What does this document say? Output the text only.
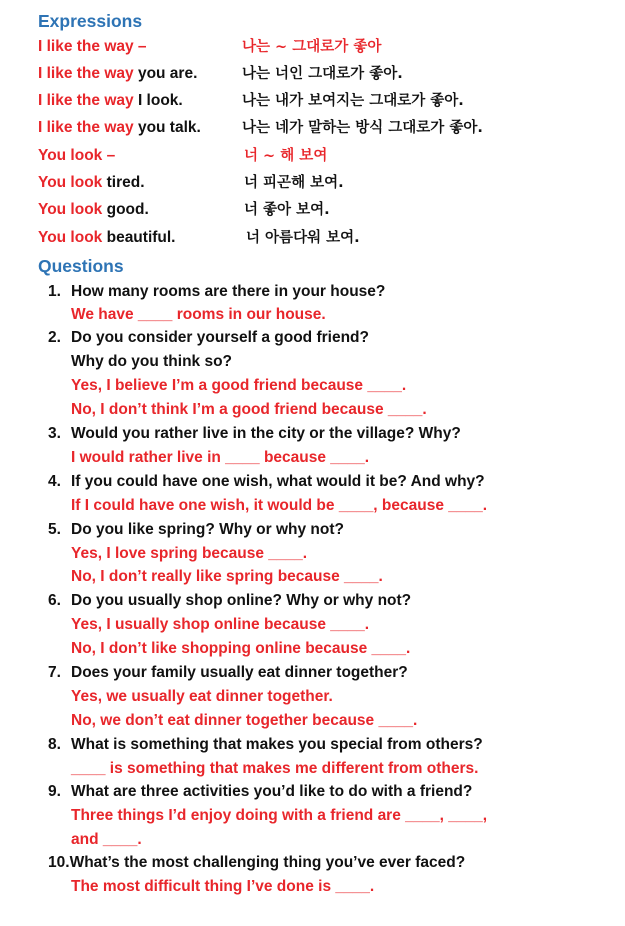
Expressions
I like the way –	나는 ~ 그대로가 좋아
I like the way you are.	나는 너인 그대로가 좋아.
I like the way I look.	나는 내가 보여지는 그대로가 좋아.
I like the way you talk.	나는 네가 말하는 방식 그대로가 좋아.
You look –	너 ~ 해 보여
You look tired.	너 피곤해 보여.
You look good.	너 좋아 보여.
You look beautiful.	너 아름다워 보여.
Questions
1. How many rooms are there in your house?
We have ____ rooms in our house.
2. Do you consider yourself a good friend?
Why do you think so?
Yes, I believe I’m a good friend because ____.
No, I don’t think I’m a good friend because ____.
3. Would you rather live in the city or the village? Why?
I would rather live in ____ because ____.
4. If you could have one wish, what would it be? And why?
If I could have one wish, it would be ____, because ____.
5. Do you like spring? Why or why not?
Yes, I love spring because ____.
No, I don’t really like spring because ____.
6. Do you usually shop online? Why or why not?
Yes, I usually shop online because ____.
No, I don’t like shopping online because ____.
7. Does your family usually eat dinner together?
Yes, we usually eat dinner together.
No, we don’t eat dinner together because ____.
8. What is something that makes you special from others?
____ is something that makes me different from others.
9. What are three activities you’d like to do with a friend?
Three things I’d enjoy doing with a friend are ____, ____,
and ____.
10.What’s the most challenging thing you’ve ever faced?
The most difficult thing I’ve done is ____.
